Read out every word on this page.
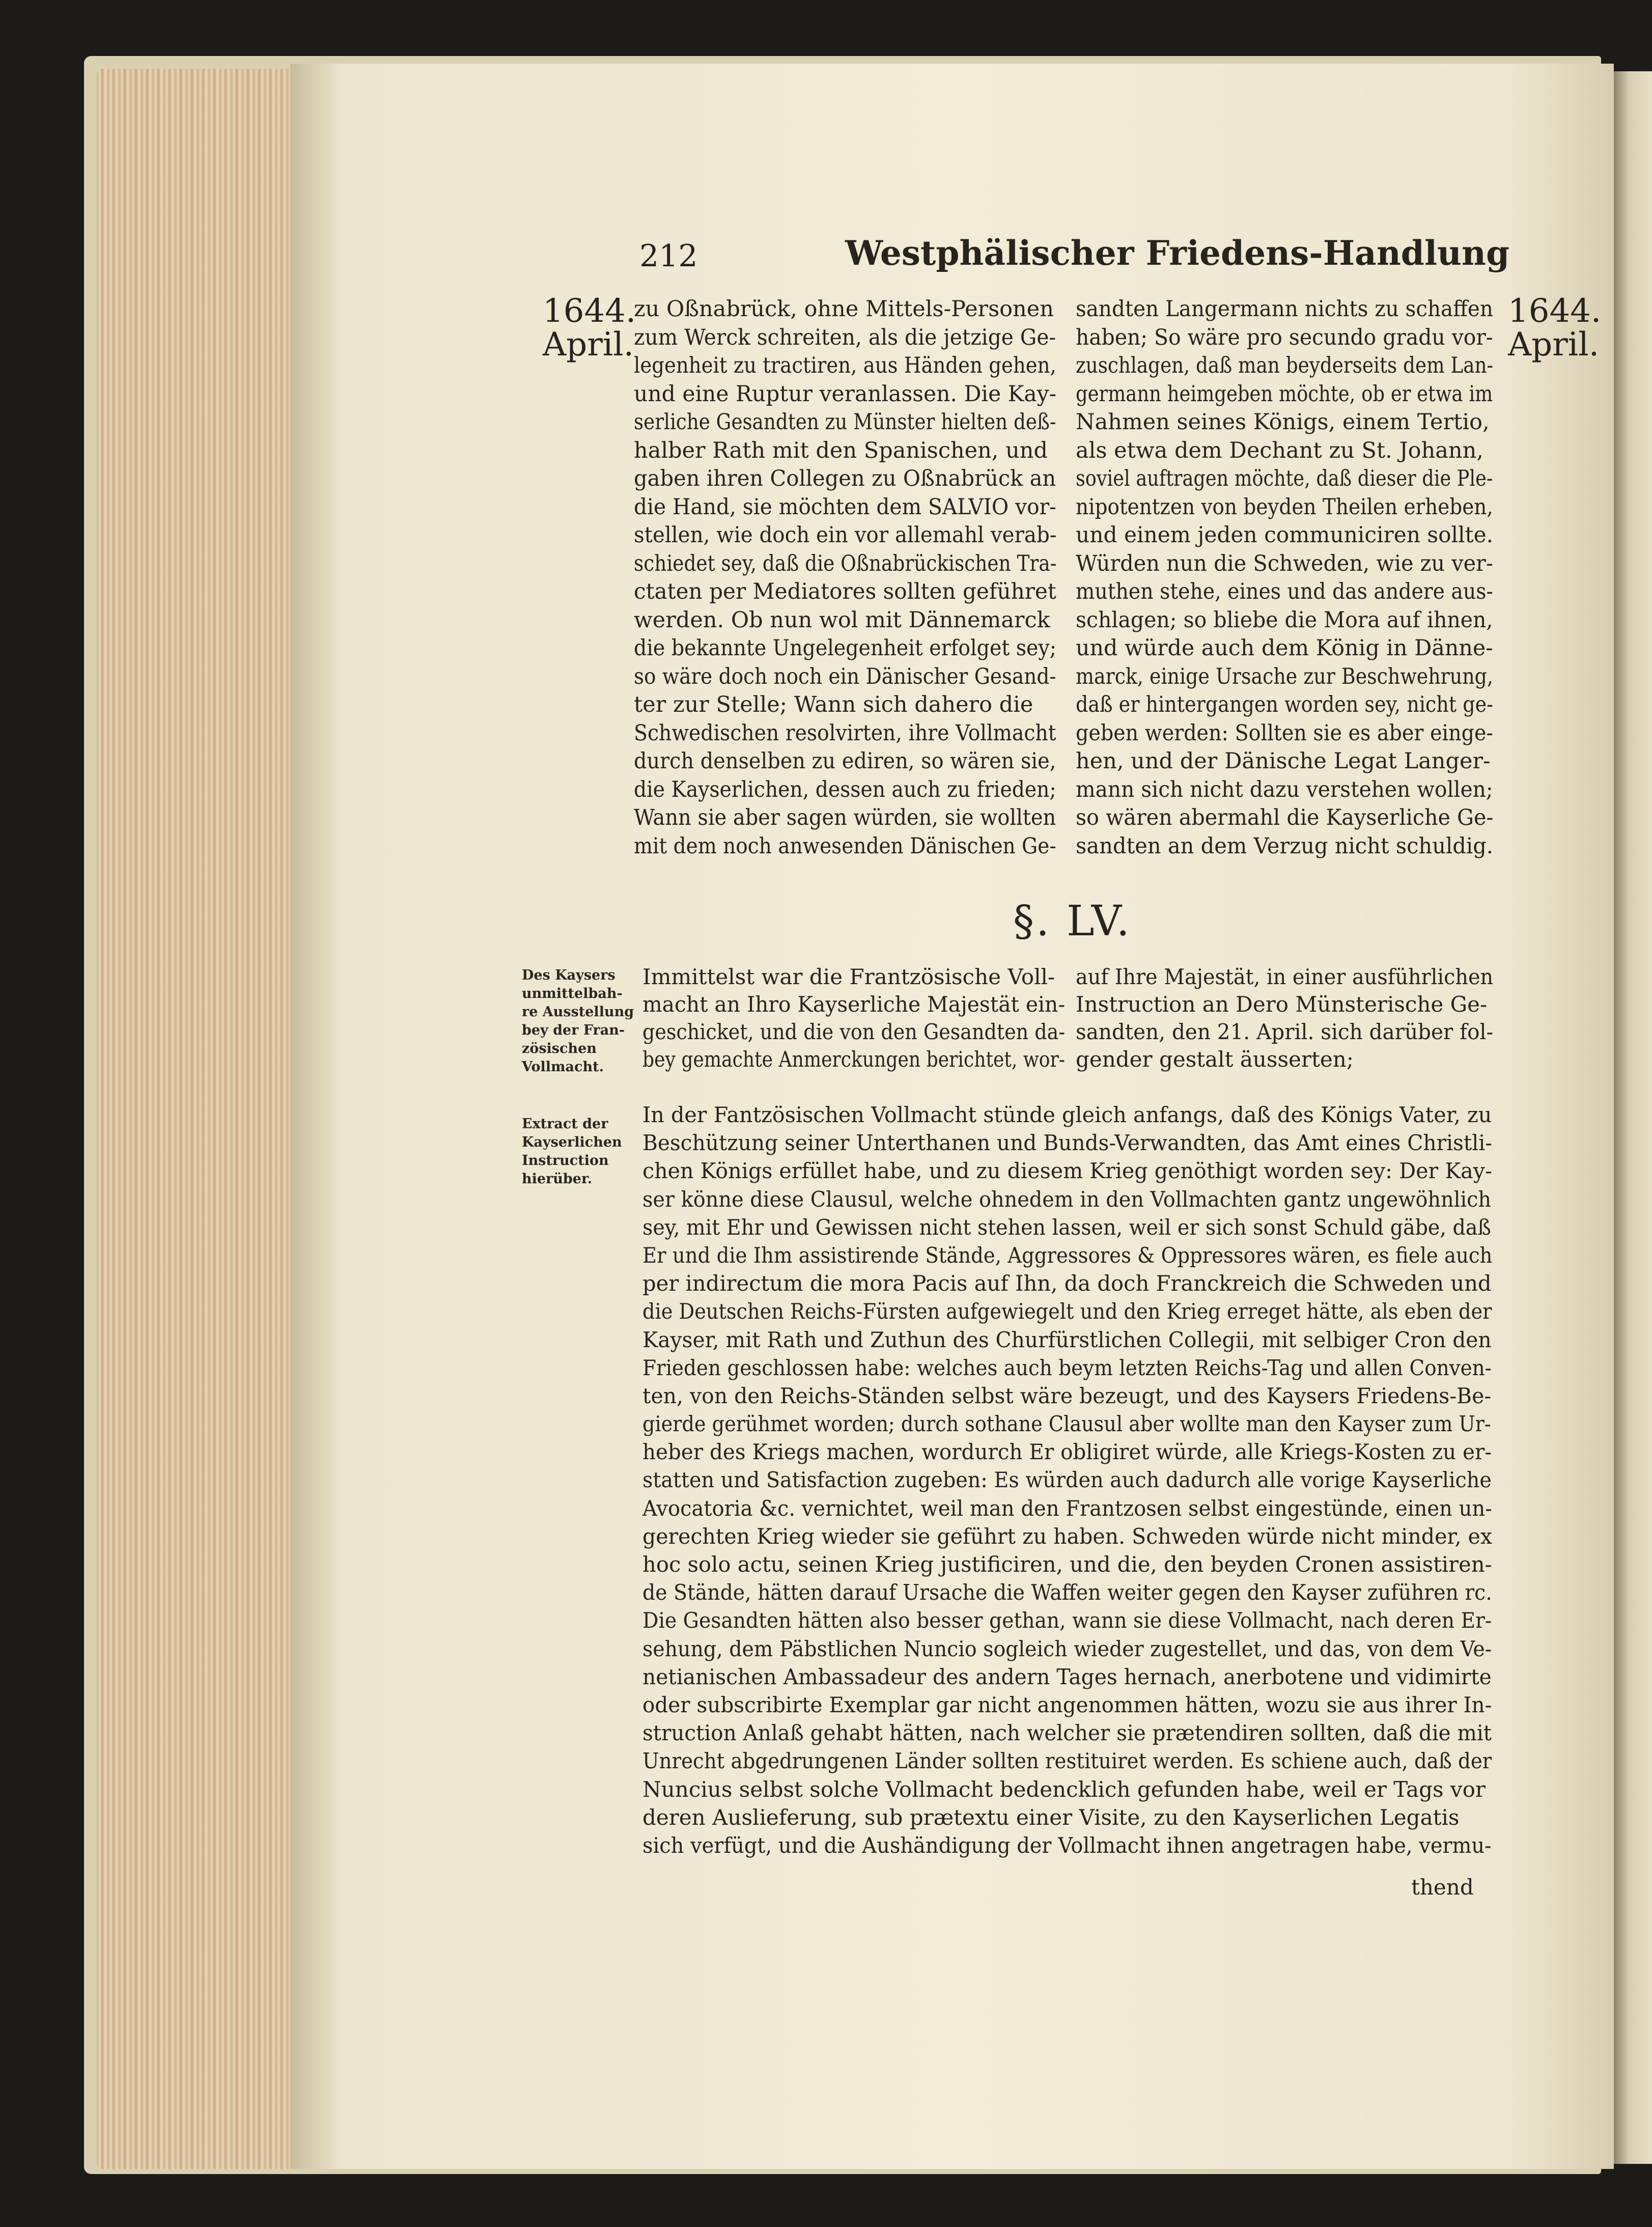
212	Westphälischer Friedens-Handlung
1644.
April.
1644.
April.
zu Oßnabrück, ohne Mittels-Personen
zum Werck schreiten, als die jetzige Ge-
legenheit zu tractiren, aus Händen gehen,
und eine Ruptur veranlassen. Die Kay-
serliche Gesandten zu Münster hielten deß-
halber Rath mit den Spanischen, und
gaben ihren Collegen zu Oßnabrück an
die Hand, sie möchten dem SALVIO vor-
stellen, wie doch ein vor allemahl verab-
schiedet sey, daß die Oßnabrückischen Tra-
ctaten per Mediatores sollten geführet
werden. Ob nun wol mit Dännemarck
die bekannte Ungelegenheit erfolget sey;
so wäre doch noch ein Dänischer Gesand-
ter zur Stelle; Wann sich dahero die
Schwedischen resolvirten, ihre Vollmacht
durch denselben zu ediren, so wären sie,
die Kayserlichen, dessen auch zu frieden;
Wann sie aber sagen würden, sie wollten
mit dem noch anwesenden Dänischen Ge-
sandten Langermann nichts zu schaffen
haben; So wäre pro secundo gradu vor-
zuschlagen, daß man beyderseits dem Lan-
germann heimgeben möchte, ob er etwa im
Nahmen seines Königs, einem Tertio,
als etwa dem Dechant zu St. Johann,
soviel auftragen möchte, daß dieser die Ple-
nipotentzen von beyden Theilen erheben,
und einem jeden communiciren sollte.
Würden nun die Schweden, wie zu ver-
muthen stehe, eines und das andere aus-
schlagen; so bliebe die Mora auf ihnen,
und würde auch dem König in Dänne-
marck, einige Ursache zur Beschwehrung,
daß er hintergangen worden sey, nicht ge-
geben werden: Sollten sie es aber einge-
hen, und der Dänische Legat Langer-
mann sich nicht dazu verstehen wollen;
so wären abermahl die Kayserliche Ge-
sandten an dem Verzug nicht schuldig.
§. LV.
Des Kaysers
unmittelbah-
re Ausstellung
bey der Fran-
zösischen
Vollmacht.
Extract der
Kayserlichen
Instruction
hierüber.
Immittelst war die Frantzösische Voll-
macht an Ihro Kayserliche Majestät ein-
geschicket, und die von den Gesandten da-
bey gemachte Anmerckungen berichtet, wor-
auf Ihre Majestät, in einer ausführlichen
Instruction an Dero Münsterische Ge-
sandten, den 21. April. sich darüber fol-
gender gestalt äusserten;
In der Fantzösischen Vollmacht stünde gleich anfangs, daß des Königs Vater, zu
Beschützung seiner Unterthanen und Bunds-Verwandten, das Amt eines Christli-
chen Königs erfüllet habe, und zu diesem Krieg genöthigt worden sey: Der Kay-
ser könne diese Clausul, welche ohnedem in den Vollmachten gantz ungewöhnlich
sey, mit Ehr und Gewissen nicht stehen lassen, weil er sich sonst Schuld gäbe, daß
Er und die Ihm assistirende Stände, Aggressores & Oppressores wären, es fiele auch
per indirectum die mora Pacis auf Ihn, da doch Franckreich die Schweden und
die Deutschen Reichs-Fürsten aufgewiegelt und den Krieg erreget hätte, als eben der
Kayser, mit Rath und Zuthun des Churfürstlichen Collegii, mit selbiger Cron den
Frieden geschlossen habe: welches auch beym letzten Reichs-Tag und allen Conven-
ten, von den Reichs-Ständen selbst wäre bezeugt, und des Kaysers Friedens-Be-
gierde gerühmet worden; durch sothane Clausul aber wollte man den Kayser zum Ur-
heber des Kriegs machen, wordurch Er obligiret würde, alle Kriegs-Kosten zu er-
statten und Satisfaction zugeben: Es würden auch dadurch alle vorige Kayserliche
Avocatoria &c. vernichtet, weil man den Frantzosen selbst eingestünde, einen un-
gerechten Krieg wieder sie geführt zu haben. Schweden würde nicht minder, ex
hoc solo actu, seinen Krieg justificiren, und die, den beyden Cronen assistiren-
de Stände, hätten darauf Ursache die Waffen weiter gegen den Kayser zuführen rc.
Die Gesandten hätten also besser gethan, wann sie diese Vollmacht, nach deren Er-
sehung, dem Päbstlichen Nuncio sogleich wieder zugestellet, und das, von dem Ve-
netianischen Ambassadeur des andern Tages hernach, anerbotene und vidimirte
oder subscribirte Exemplar gar nicht angenommen hätten, wozu sie aus ihrer In-
struction Anlaß gehabt hätten, nach welcher sie prætendiren sollten, daß die mit
Unrecht abgedrungenen Länder sollten restituiret werden. Es schiene auch, daß der
Nuncius selbst solche Vollmacht bedencklich gefunden habe, weil er Tags vor
deren Auslieferung, sub prætextu einer Visite, zu den Kayserlichen Legatis
sich verfügt, und die Aushändigung der Vollmacht ihnen angetragen habe, vermu-
thend
